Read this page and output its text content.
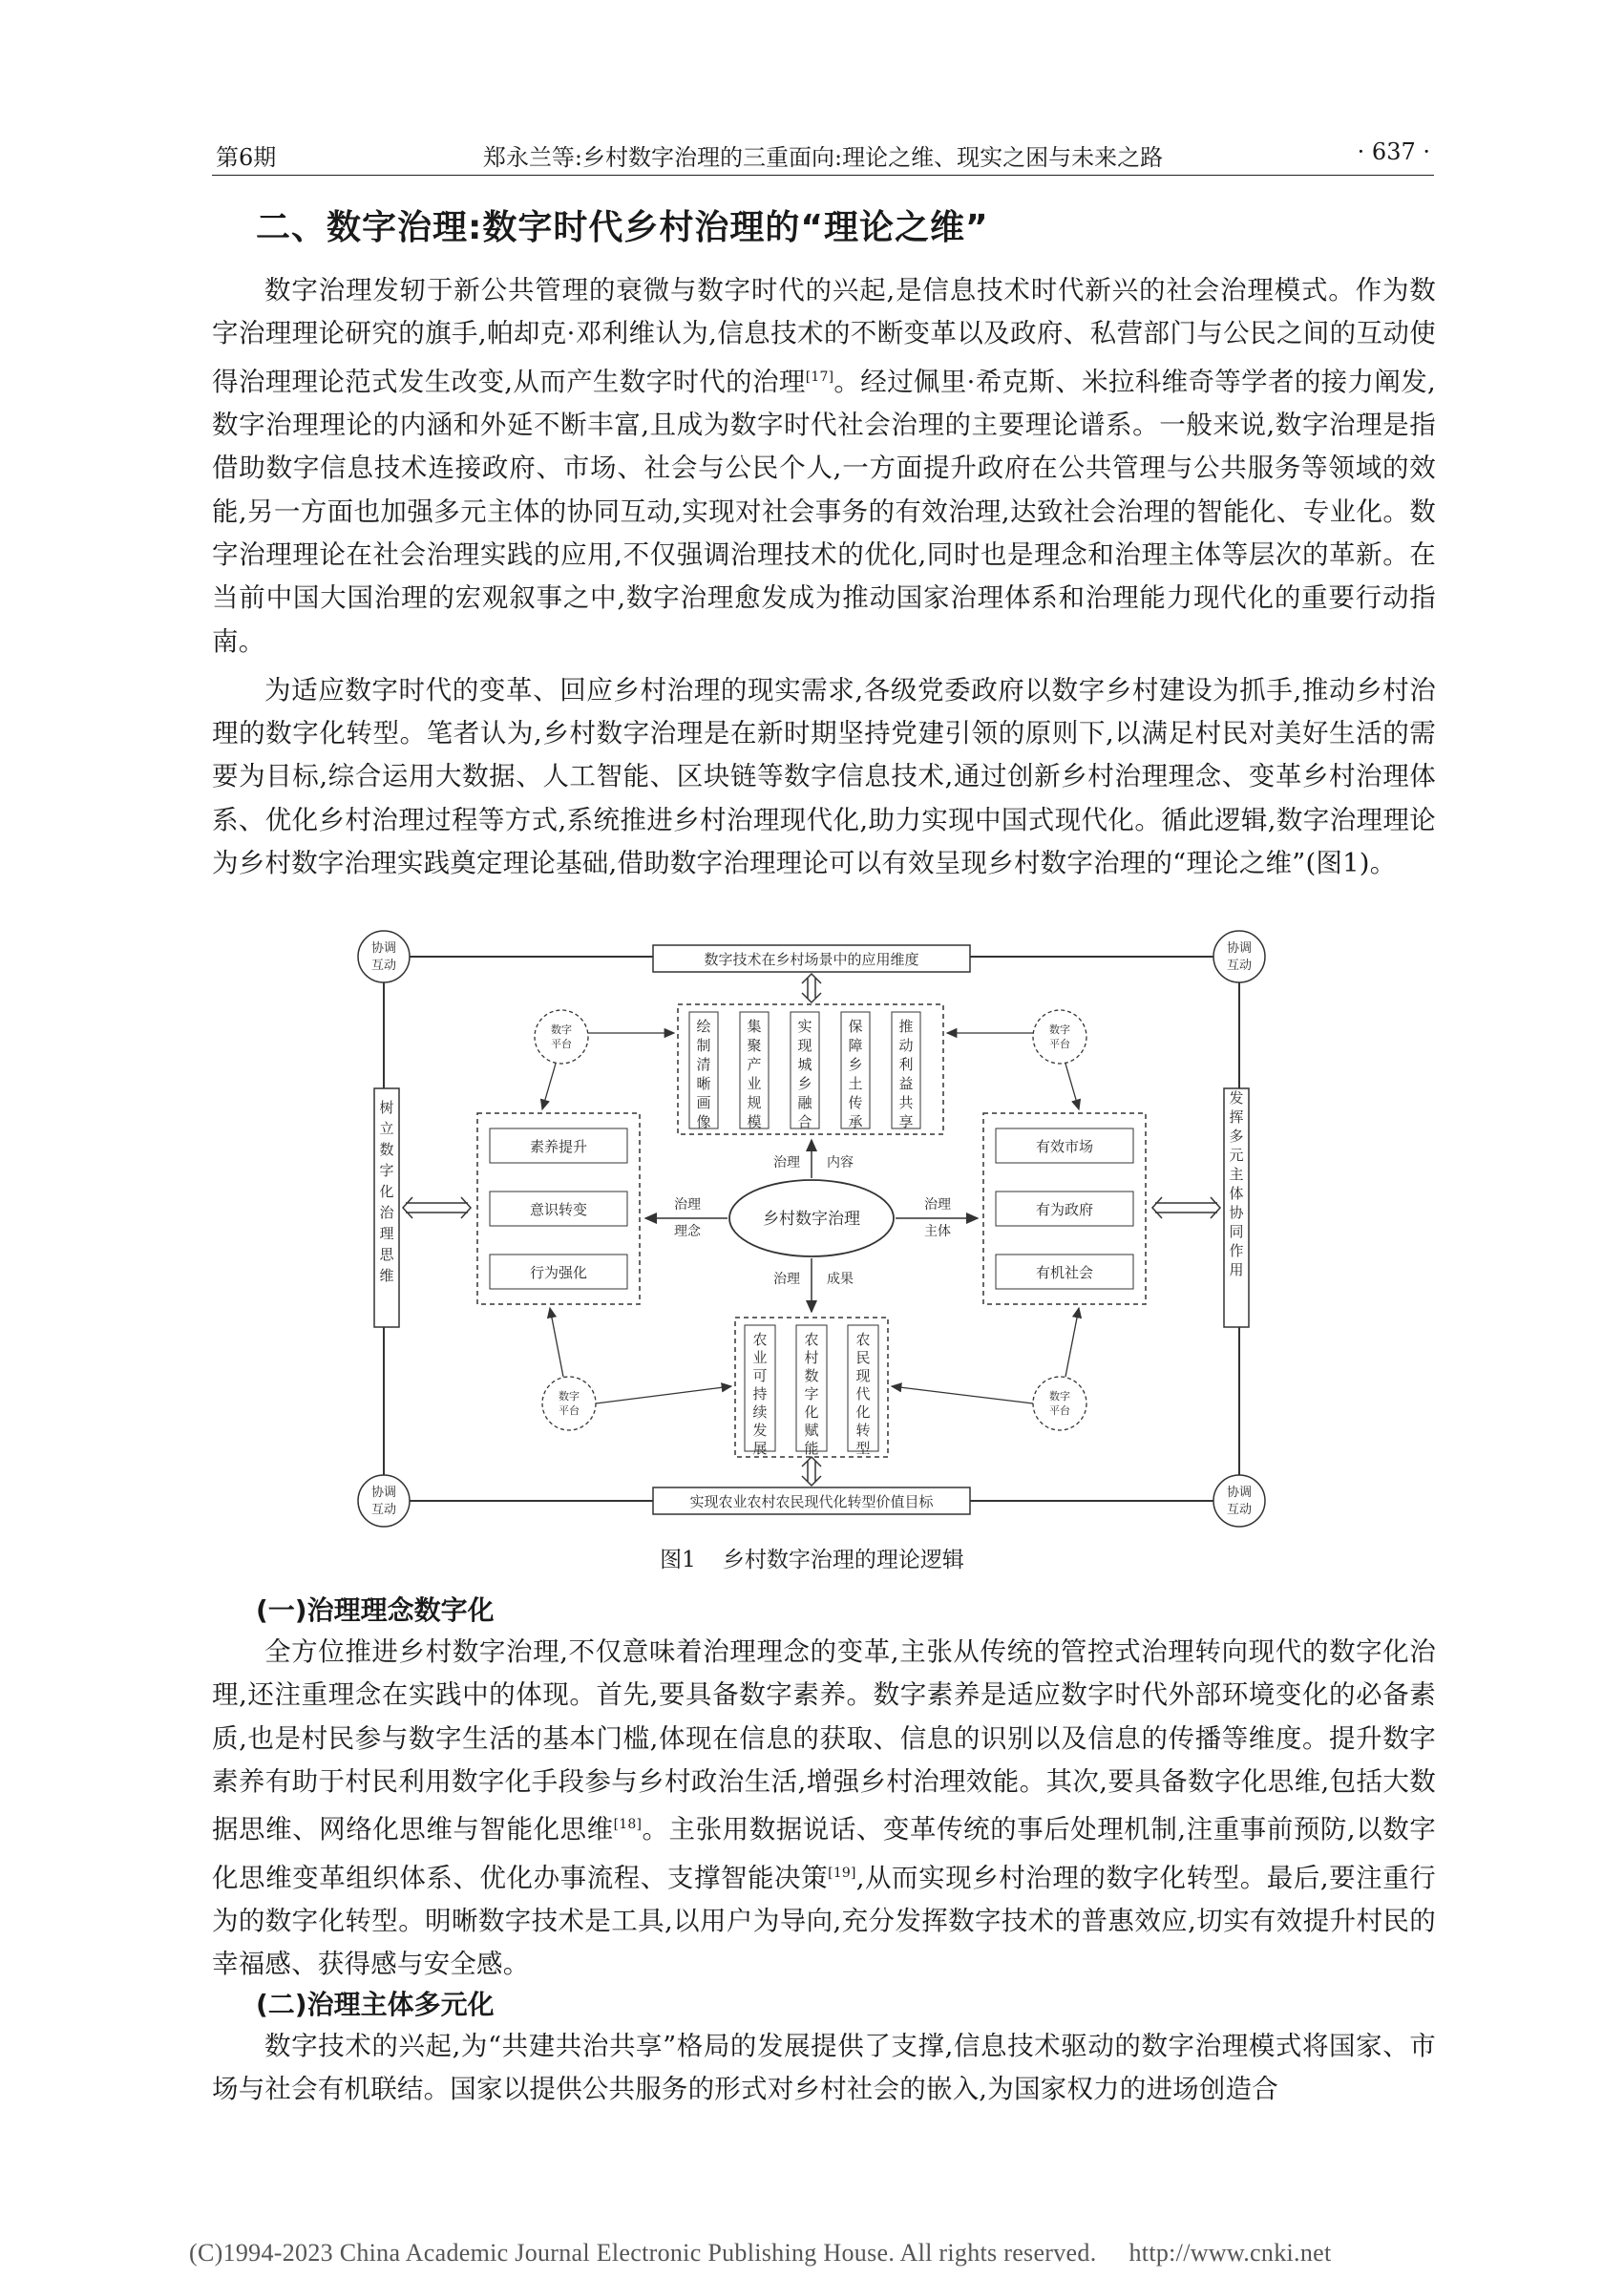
第6期	郑永兰等:乡村数字治理的三重面向:理论之维、现实之困与未来之路	· 637 ·
二、数字治理:数字时代乡村治理的“理论之维”

数字治理发轫于新公共管理的衰微与数字时代的兴起,是信息技术时代新兴的社会治理模式。作为数字治理理论研究的旗手,帕却克·邓利维认为,信息技术的不断变革以及政府、私营部门与公民之间的互动使得治理理论范式发生改变,从而产生数字时代的治理[17]。经过佩里·希克斯、米拉科维奇等学者的接力阐发,数字治理理论的内涵和外延不断丰富,且成为数字时代社会治理的主要理论谱系。一般来说,数字治理是指借助数字信息技术连接政府、市场、社会与公民个人,一方面提升政府在公共管理与公共服务等领域的效能,另一方面也加强多元主体的协同互动,实现对社会事务的有效治理,达致社会治理的智能化、专业化。数字治理理论在社会治理实践的应用,不仅强调治理技术的优化,同时也是理念和治理主体等层次的革新。在当前中国大国治理的宏观叙事之中,数字治理愈发成为推动国家治理体系和治理能力现代化的重要行动指南。

为适应数字时代的变革、回应乡村治理的现实需求,各级党委政府以数字乡村建设为抓手,推动乡村治理的数字化转型。笔者认为,乡村数字治理是在新时期坚持党建引领的原则下,以满足村民对美好生活的需要为目标,综合运用大数据、人工智能、区块链等数字信息技术,通过创新乡村治理理念、变革乡村治理体系、优化乡村治理过程等方式,系统推进乡村治理现代化,助力实现中国式现代化。循此逻辑,数字治理理论为乡村数字治理实践奠定理论基础,借助数字治理理论可以有效呈现乡村数字治理的“理论之维”(图1)。

协调
互动
协调
互动
协调
互动
协调
互动
数字技术在乡村场景中的应用维度
实现农业农村农民现代化转型价值目标
树立数字化治理思维
发挥多元主体协同作用
绘制清晰画像
集聚产业规模
实现城乡融合
保障乡土传承
推动利益共享
农业可持续发展
农村数字化赋能
农民现代化转型
素养提升
意识转变
行为强化
有效市场
有为政府
有机社会
乡村数字治理
治理 内容
治理 成果
治理
理念
治理
主体
数字
平台
数字
平台
数字
平台
数字
平台
图1 乡村数字治理的理论逻辑
(一)治理理念数字化

全方位推进乡村数字治理,不仅意味着治理理念的变革,主张从传统的管控式治理转向现代的数字化治理,还注重理念在实践中的体现。首先,要具备数字素养。数字素养是适应数字时代外部环境变化的必备素质,也是村民参与数字生活的基本门槛,体现在信息的获取、信息的识别以及信息的传播等维度。提升数字素养有助于村民利用数字化手段参与乡村政治生活,增强乡村治理效能。其次,要具备数字化思维,包括大数据思维、网络化思维与智能化思维[18]。主张用数据说话、变革传统的事后处理机制,注重事前预防,以数字化思维变革组织体系、优化办事流程、支撑智能决策[19],从而实现乡村治理的数字化转型。最后,要注重行为的数字化转型。明晰数字技术是工具,以用户为导向,充分发挥数字技术的普惠效应,切实有效提升村民的幸福感、获得感与安全感。

(二)治理主体多元化

数字技术的兴起,为“共建共治共享”格局的发展提供了支撑,信息技术驱动的数字治理模式将国家、市场与社会有机联结。国家以提供公共服务的形式对乡村社会的嵌入,为国家权力的进场创造合

(C)1994-2023 China Academic Journal Electronic Publishing House. All rights reserved. http://www.cnki.net
